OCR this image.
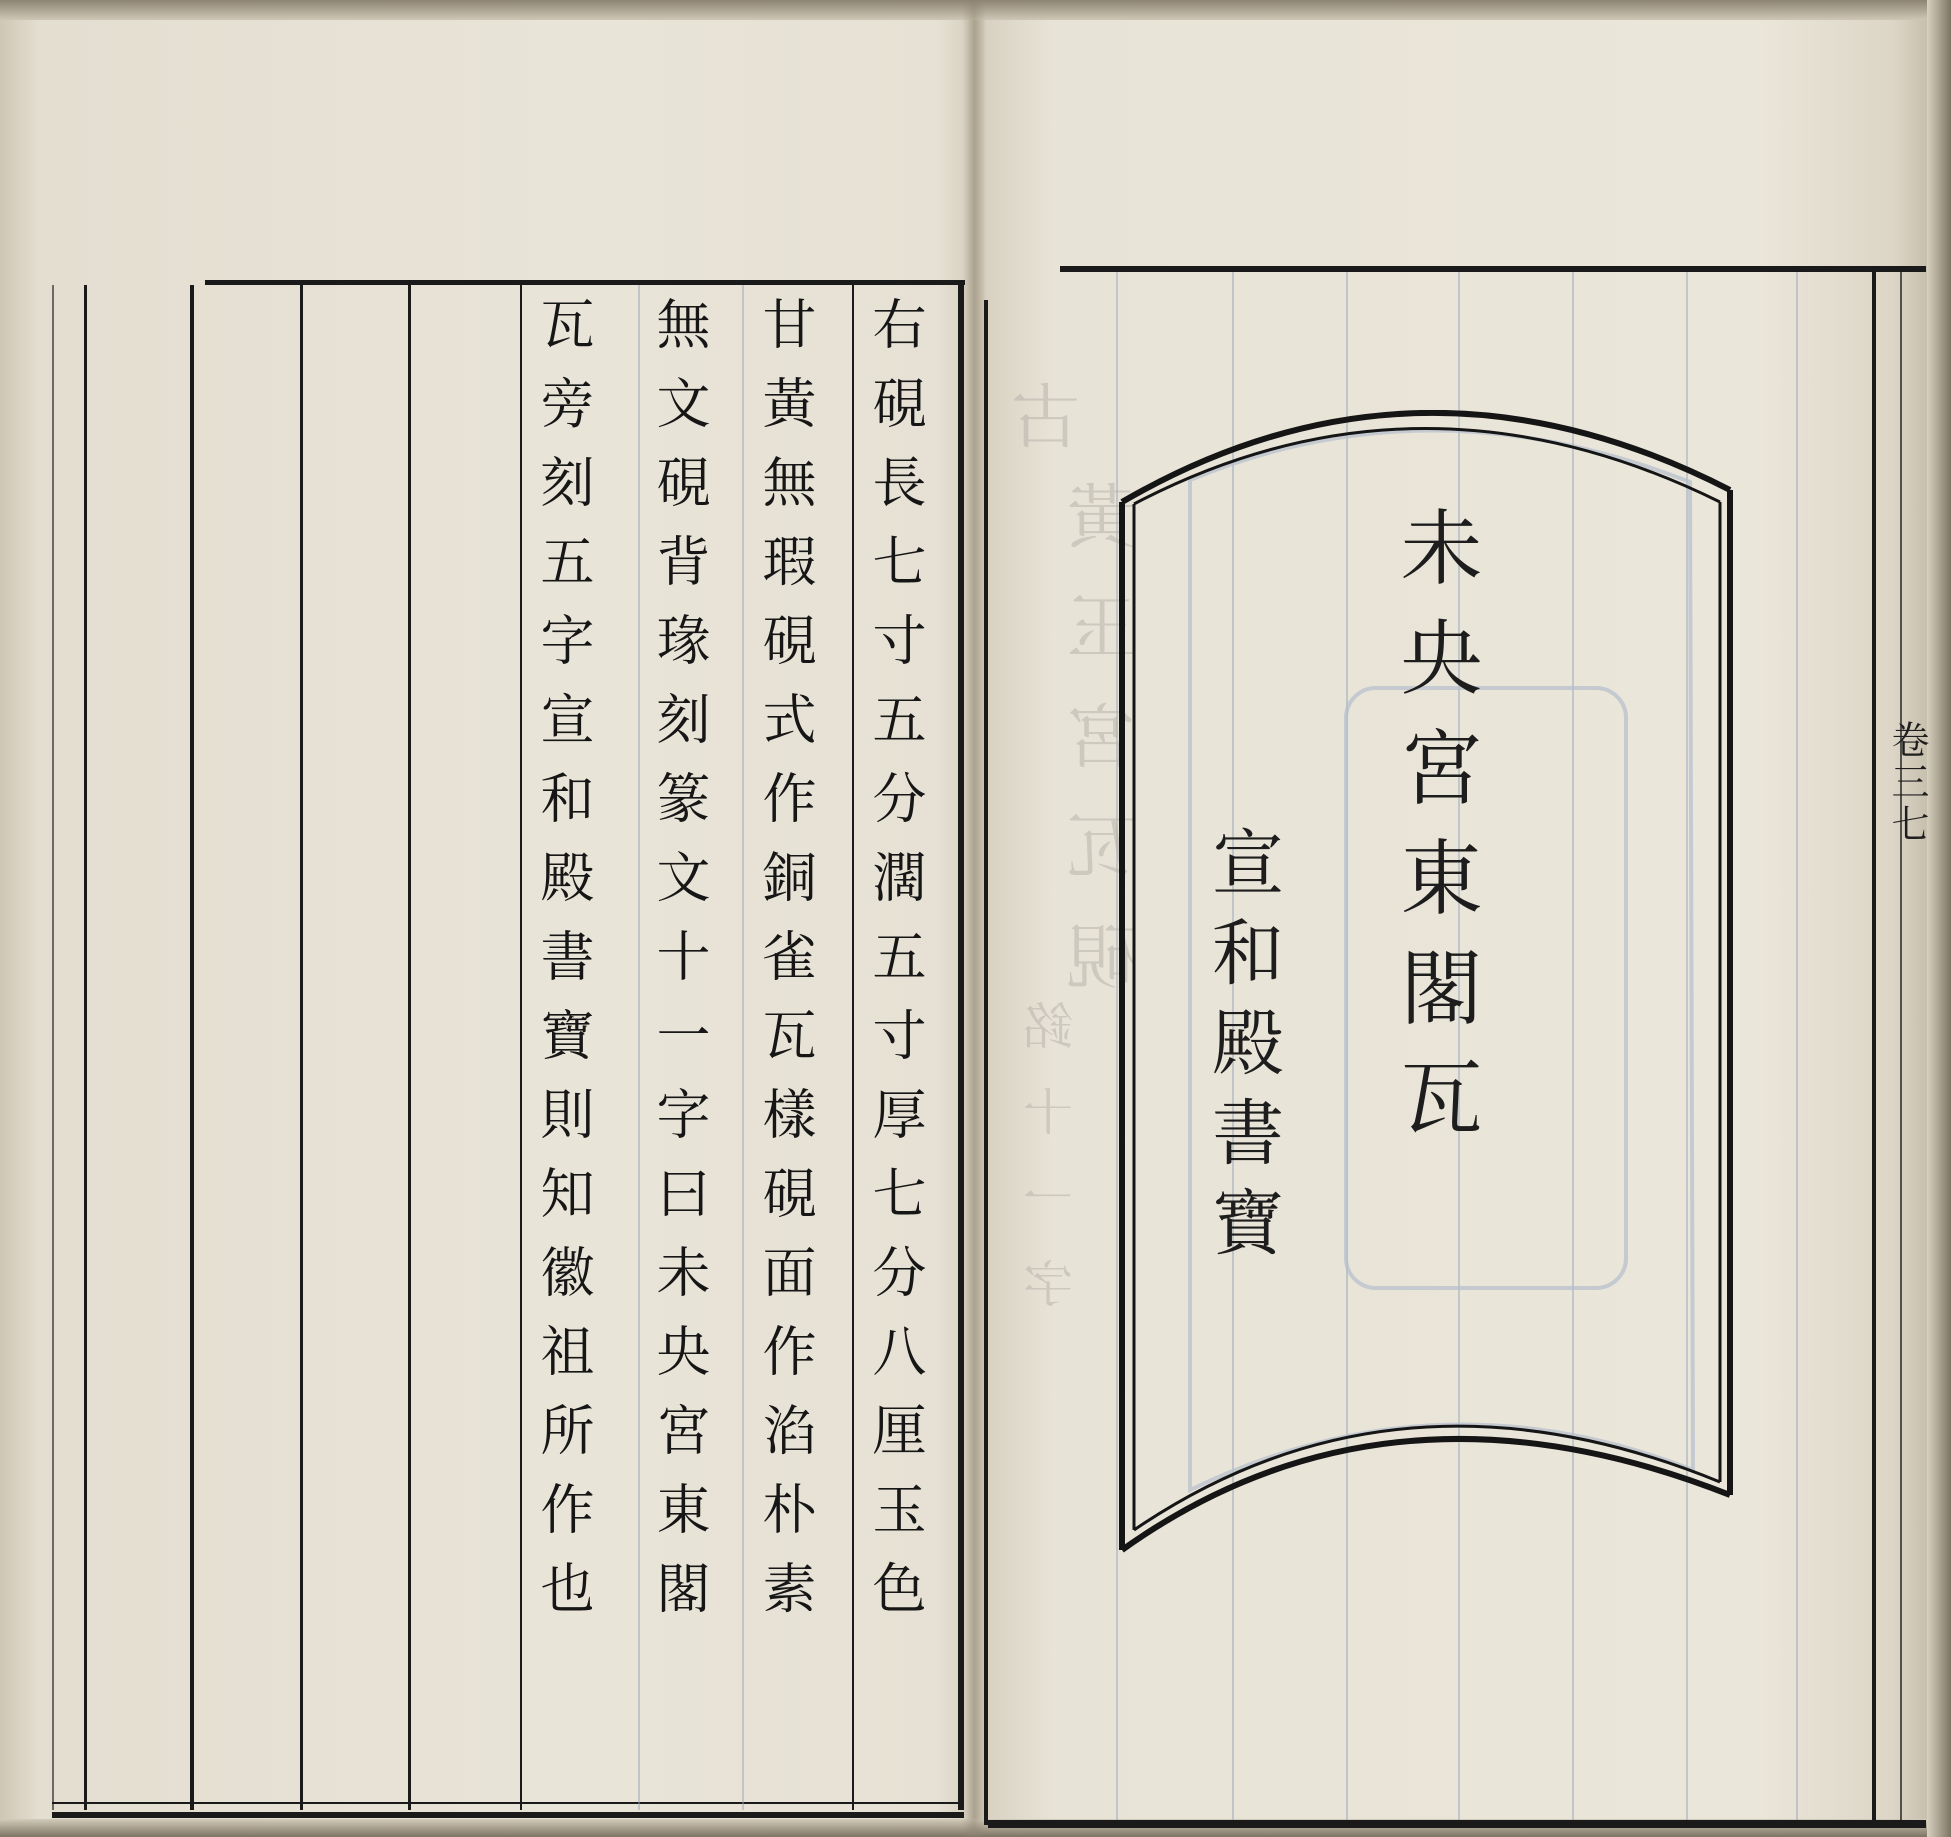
右硯長七寸五分濶五寸厚七分八厘玉色
甘黃無瑕硯式作銅雀瓦樣硯面作淊朴素
無文硯背瑑刻篆文十一字曰未央宮東閣
瓦旁刻五字宣和殿書寶則知徽祖所作也	古
黃玉宮瓦硯
銘十一字
未央宮東閣瓦
宣和殿書寶
卷三七
